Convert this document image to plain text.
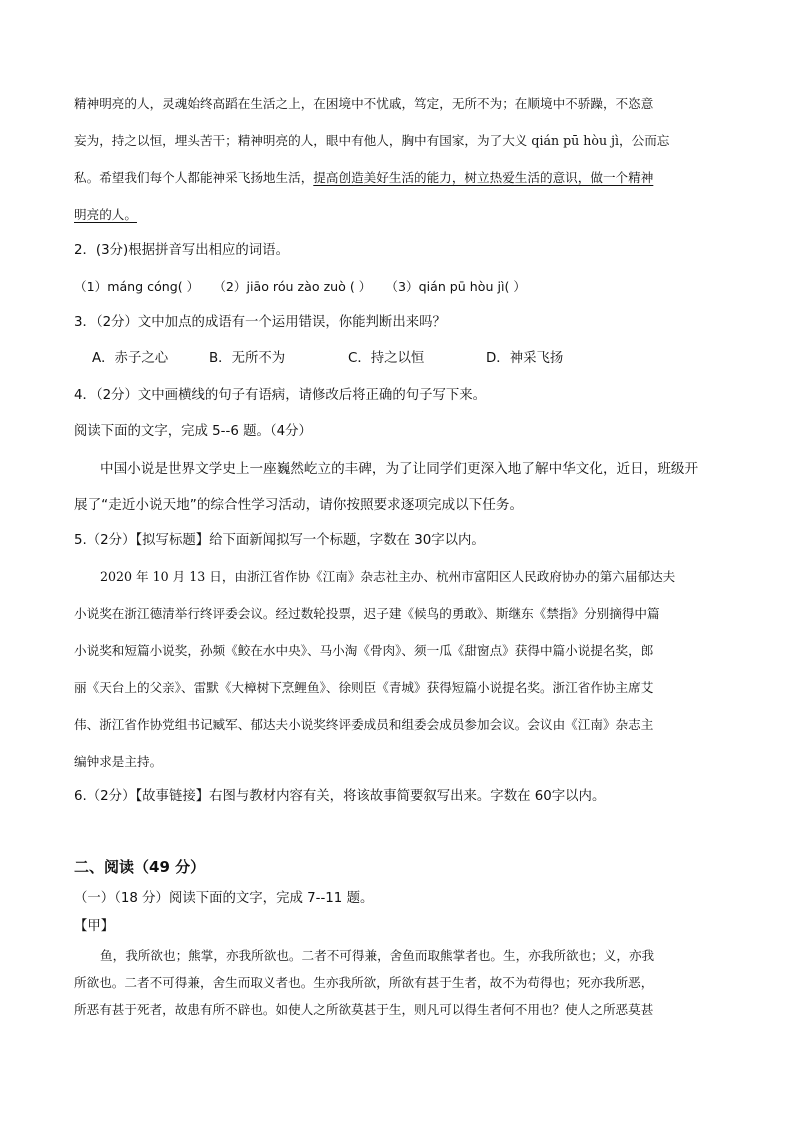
精神明亮的人，灵魂始终高蹈在生活之上，在困境中不忧戚，笃定，无所不为；在顺境中不骄躁，不恣意
妄为，持之以恒，埋头苦干；精神明亮的人，眼中有他人，胸中有国家，为了大义 qián pū hòu jì，公而忘
私。希望我们每个人都能神采飞扬地生活，提高创造美好生活的能力，树立热爱生活的意识，做一个精神
明亮的人。
2．(3分)根据拼音写出相应的词语。
（1）máng cóng( ） （2）jiāo róu zào zuò ( ） （3）qián pū hòu jì( ）
3．（2分）文中加点的成语有一个运用错误，你能判断出来吗？
A．赤子之心	B．无所不为	C．持之以恒	D．神采飞扬
4．（2分）文中画横线的句子有语病，请修改后将正确的句子写下来。
阅读下面的文字，完成 5--6 题。（4分）
中国小说是世界文学史上一座巍然屹立的丰碑，为了让同学们更深入地了解中华文化，近日，班级开
展了“走近小说天地”的综合性学习活动，请你按照要求逐项完成以下任务。
5.（2分）【拟写标题】给下面新闻拟写一个标题，字数在 30字以内。
2020 年 10 月 13 日，由浙江省作协《江南》杂志社主办、杭州市富阳区人民政府协办的第六届郁达夫
小说奖在浙江德清举行终评委会议。经过数轮投票，迟子建《候鸟的勇敢》、斯继东《禁指》分别摘得中篇
小说奖和短篇小说奖，孙频《鲛在水中央》、马小淘《骨肉》、须一瓜《甜窗点》获得中篇小说提名奖，郎
丽《天台上的父亲》、雷默《大樟树下烹鲤鱼》、徐则臣《青城》获得短篇小说提名奖。浙江省作协主席艾
伟、浙江省作协党组书记臧军、郁达夫小说奖终评委成员和组委会成员参加会议。会议由《江南》杂志主
编钟求是主持。
6.（2分）【故事链接】右图与教材内容有关，将该故事简要叙写出来。字数在 60字以内。
二、阅读（49 分）
（一）（18 分）阅读下面的文字，完成 7--11 题。
【甲】
鱼，我所欲也；熊掌，亦我所欲也。二者不可得兼，舍鱼而取熊掌者也。生，亦我所欲也；义，亦我
所欲也。二者不可得兼，舍生而取义者也。生亦我所欲，所欲有甚于生者，故不为苟得也；死亦我所恶，
所恶有甚于死者，故患有所不辟也。如使人之所欲莫甚于生，则凡可以得生者何不用也？使人之所恶莫甚
